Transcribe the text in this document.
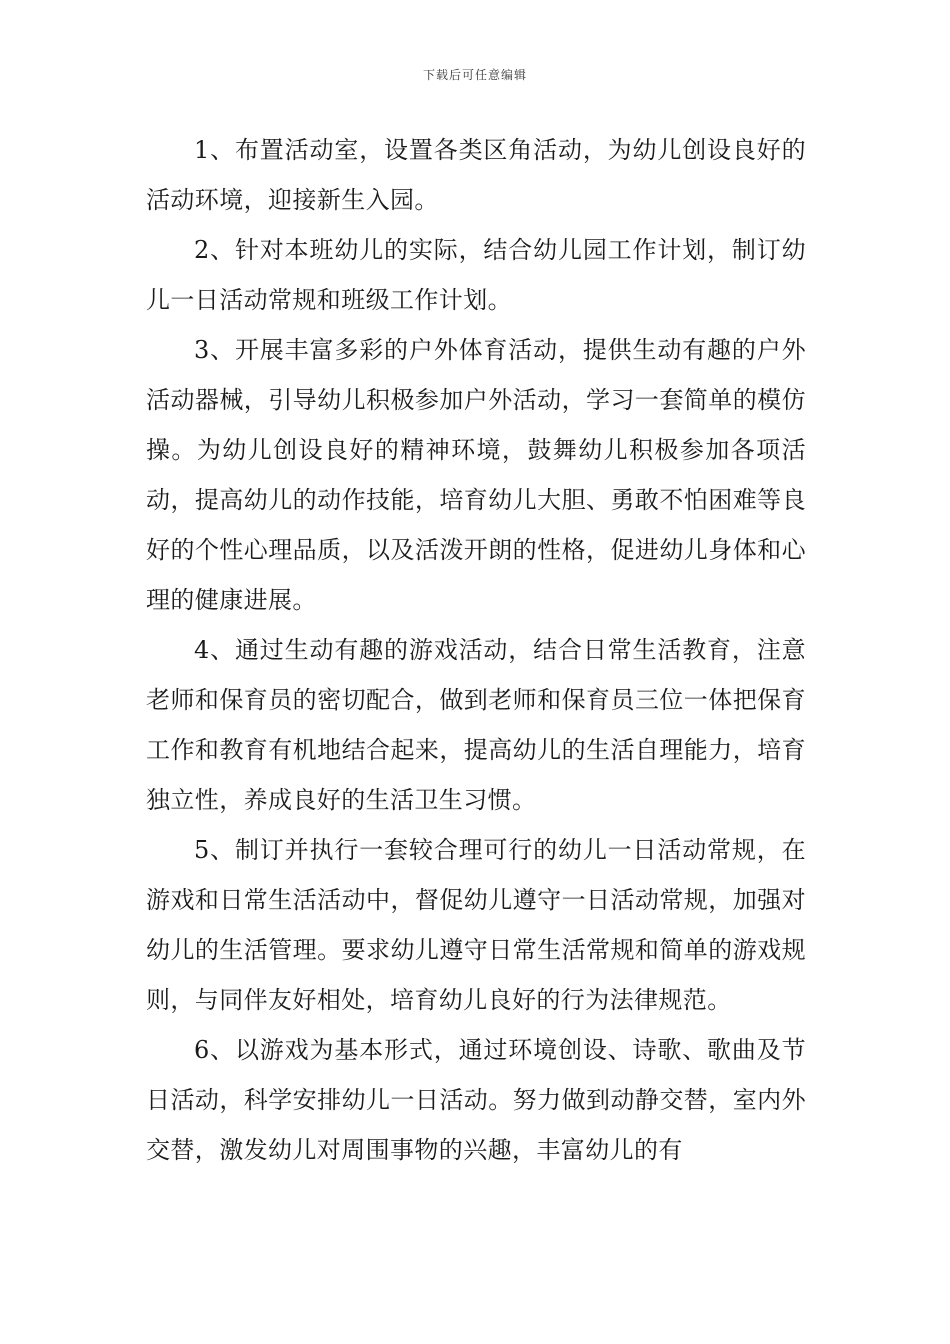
下载后可任意编辑

1、布置活动室，设置各类区角活动，为幼儿创设良好的活动环境，迎接新生入园。

2、针对本班幼儿的实际，结合幼儿园工作计划，制订幼儿一日活动常规和班级工作计划。

3、开展丰富多彩的户外体育活动，提供生动有趣的户外活动器械，引导幼儿积极参加户外活动，学习一套简单的模仿操。为幼儿创设良好的精神环境，鼓舞幼儿积极参加各项活动，提高幼儿的动作技能，培育幼儿大胆、勇敢不怕困难等良好的个性心理品质，以及活泼开朗的性格，促进幼儿身体和心理的健康进展。

4、通过生动有趣的游戏活动，结合日常生活教育，注意老师和保育员的密切配合，做到老师和保育员三位一体把保育工作和教育有机地结合起来，提高幼儿的生活自理能力，培育独立性，养成良好的生活卫生习惯。

5、制订并执行一套较合理可行的幼儿一日活动常规，在游戏和日常生活活动中，督促幼儿遵守一日活动常规，加强对幼儿的生活管理。要求幼儿遵守日常生活常规和简单的游戏规则，与同伴友好相处，培育幼儿良好的行为法律规范。

6、以游戏为基本形式，通过环境创设、诗歌、歌曲及节日活动，科学安排幼儿一日活动。努力做到动静交替，室内外交替，激发幼儿对周围事物的兴趣，丰富幼儿的有
